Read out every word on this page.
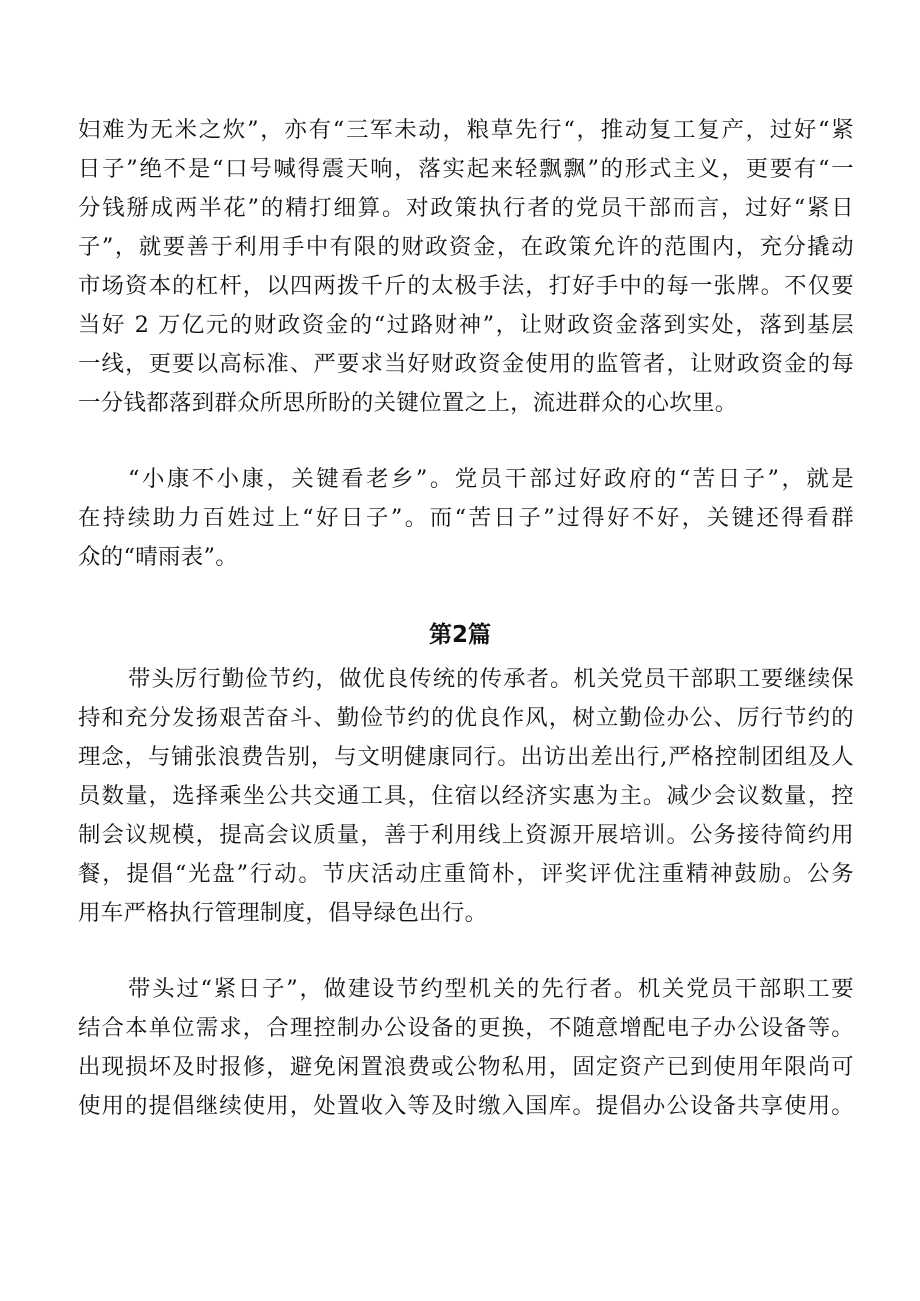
妇难为无米之炊”，亦有“三军未动，粮草先行“，推动复工复产，过好“紧
日子”绝不是“口号喊得震天响，落实起来轻飘飘”的形式主义，更要有“一
分钱掰成两半花”的精打细算。对政策执行者的党员干部而言，过好“紧日
子”，就要善于利用手中有限的财政资金，在政策允许的范围内，充分撬动
市场资本的杠杆，以四两拨千斤的太极手法，打好手中的每一张牌。不仅要
当好 2 万亿元的财政资金的“过路财神”，让财政资金落到实处，落到基层
一线，更要以高标准、严要求当好财政资金使用的监管者，让财政资金的每
一分钱都落到群众所思所盼的关键位置之上，流进群众的心坎里。
“小康不小康，关键看老乡”。党员干部过好政府的“苦日子”，就是
在持续助力百姓过上“好日子”。而“苦日子”过得好不好，关键还得看群
众的“晴雨表”。
第2篇
带头厉行勤俭节约，做优良传统的传承者。机关党员干部职工要继续保
持和充分发扬艰苦奋斗、勤俭节约的优良作风，树立勤俭办公、厉行节约的
理念，与铺张浪费告别，与文明健康同行。出访出差出行,严格控制团组及人
员数量，选择乘坐公共交通工具，住宿以经济实惠为主。减少会议数量，控
制会议规模，提高会议质量，善于利用线上资源开展培训。公务接待简约用
餐，提倡“光盘”行动。节庆活动庄重简朴，评奖评优注重精神鼓励。公务
用车严格执行管理制度，倡导绿色出行。
带头过“紧日子”，做建设节约型机关的先行者。机关党员干部职工要
结合本单位需求，合理控制办公设备的更换，不随意增配电子办公设备等。
出现损坏及时报修，避免闲置浪费或公物私用，固定资产已到使用年限尚可
使用的提倡继续使用，处置收入等及时缴入国库。提倡办公设备共享使用。
